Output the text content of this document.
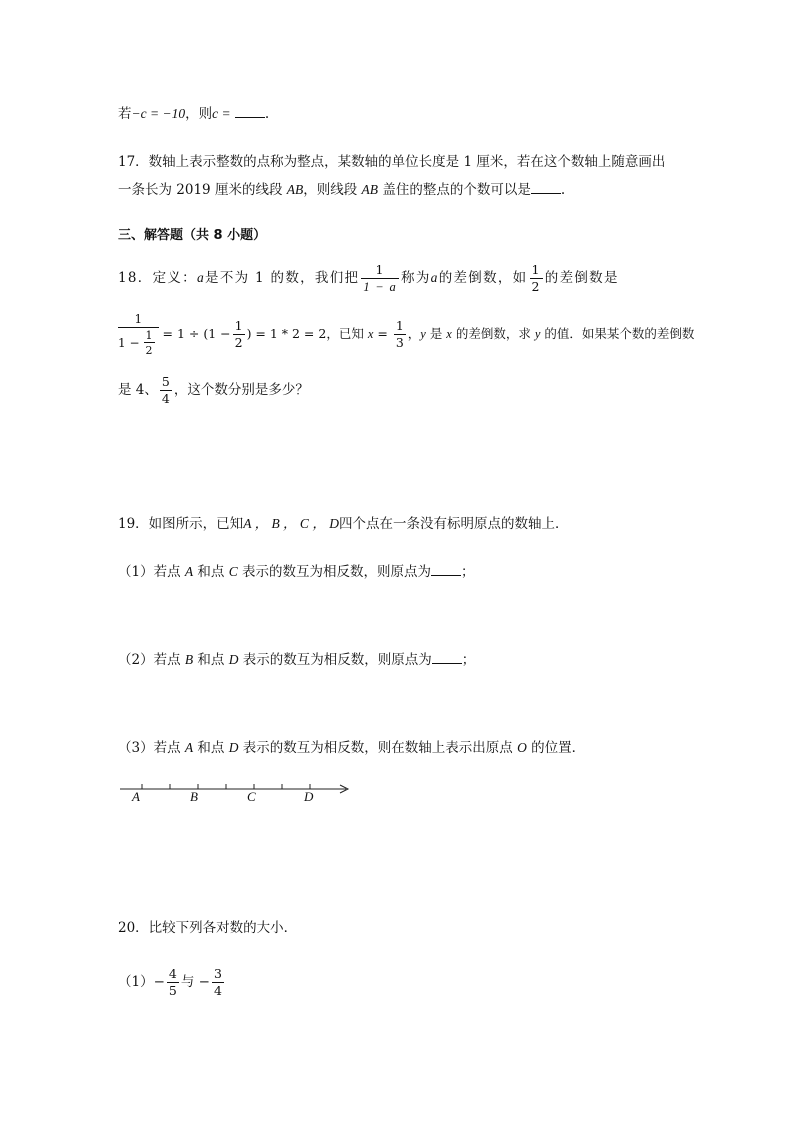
若−c = −10，则c =	.
17．数轴上表示整数的点称为整点，某数轴的单位长度是 1 厘米，若在这个数轴上随意画出
一条长为 2019 厘米的线段 AB，则线段 AB 盖住的整点的个数可以是 .
三、解答题（共 8 小题）
18．定义：a是不为 1 的数，我们把 $\frac{1}{1 - a}$ 称为a的差倒数，如 $\frac{1}{2}$ 的差倒数是
$\frac{1}{1 - \frac{1}{2}} = 1 \div (1 - \frac{1}{2}$ ) = 1 * 2 = 2，已知 $x = \frac{1}{3}$ ，y 是 x 的差倒数，求 y 的值．如果某个数的差倒数
是 4、 $\frac{5}{4}$ ，这个数分别是多少？
19．如图所示，已知A ， B ， C ， D四个点在一条没有标明原点的数轴上．
（1）若点 A 和点 C 表示的数互为相反数，则原点为 ；
（2）若点 B 和点 D 表示的数互为相反数，则原点为 ；
（3）若点 A 和点 D 表示的数互为相反数，则在数轴上表示出原点 O 的位置．
A	B	C	D
20．比较下列各对数的大小．
$(1)- \frac{4}{5}$ 与 − $\frac{3}{4}$
